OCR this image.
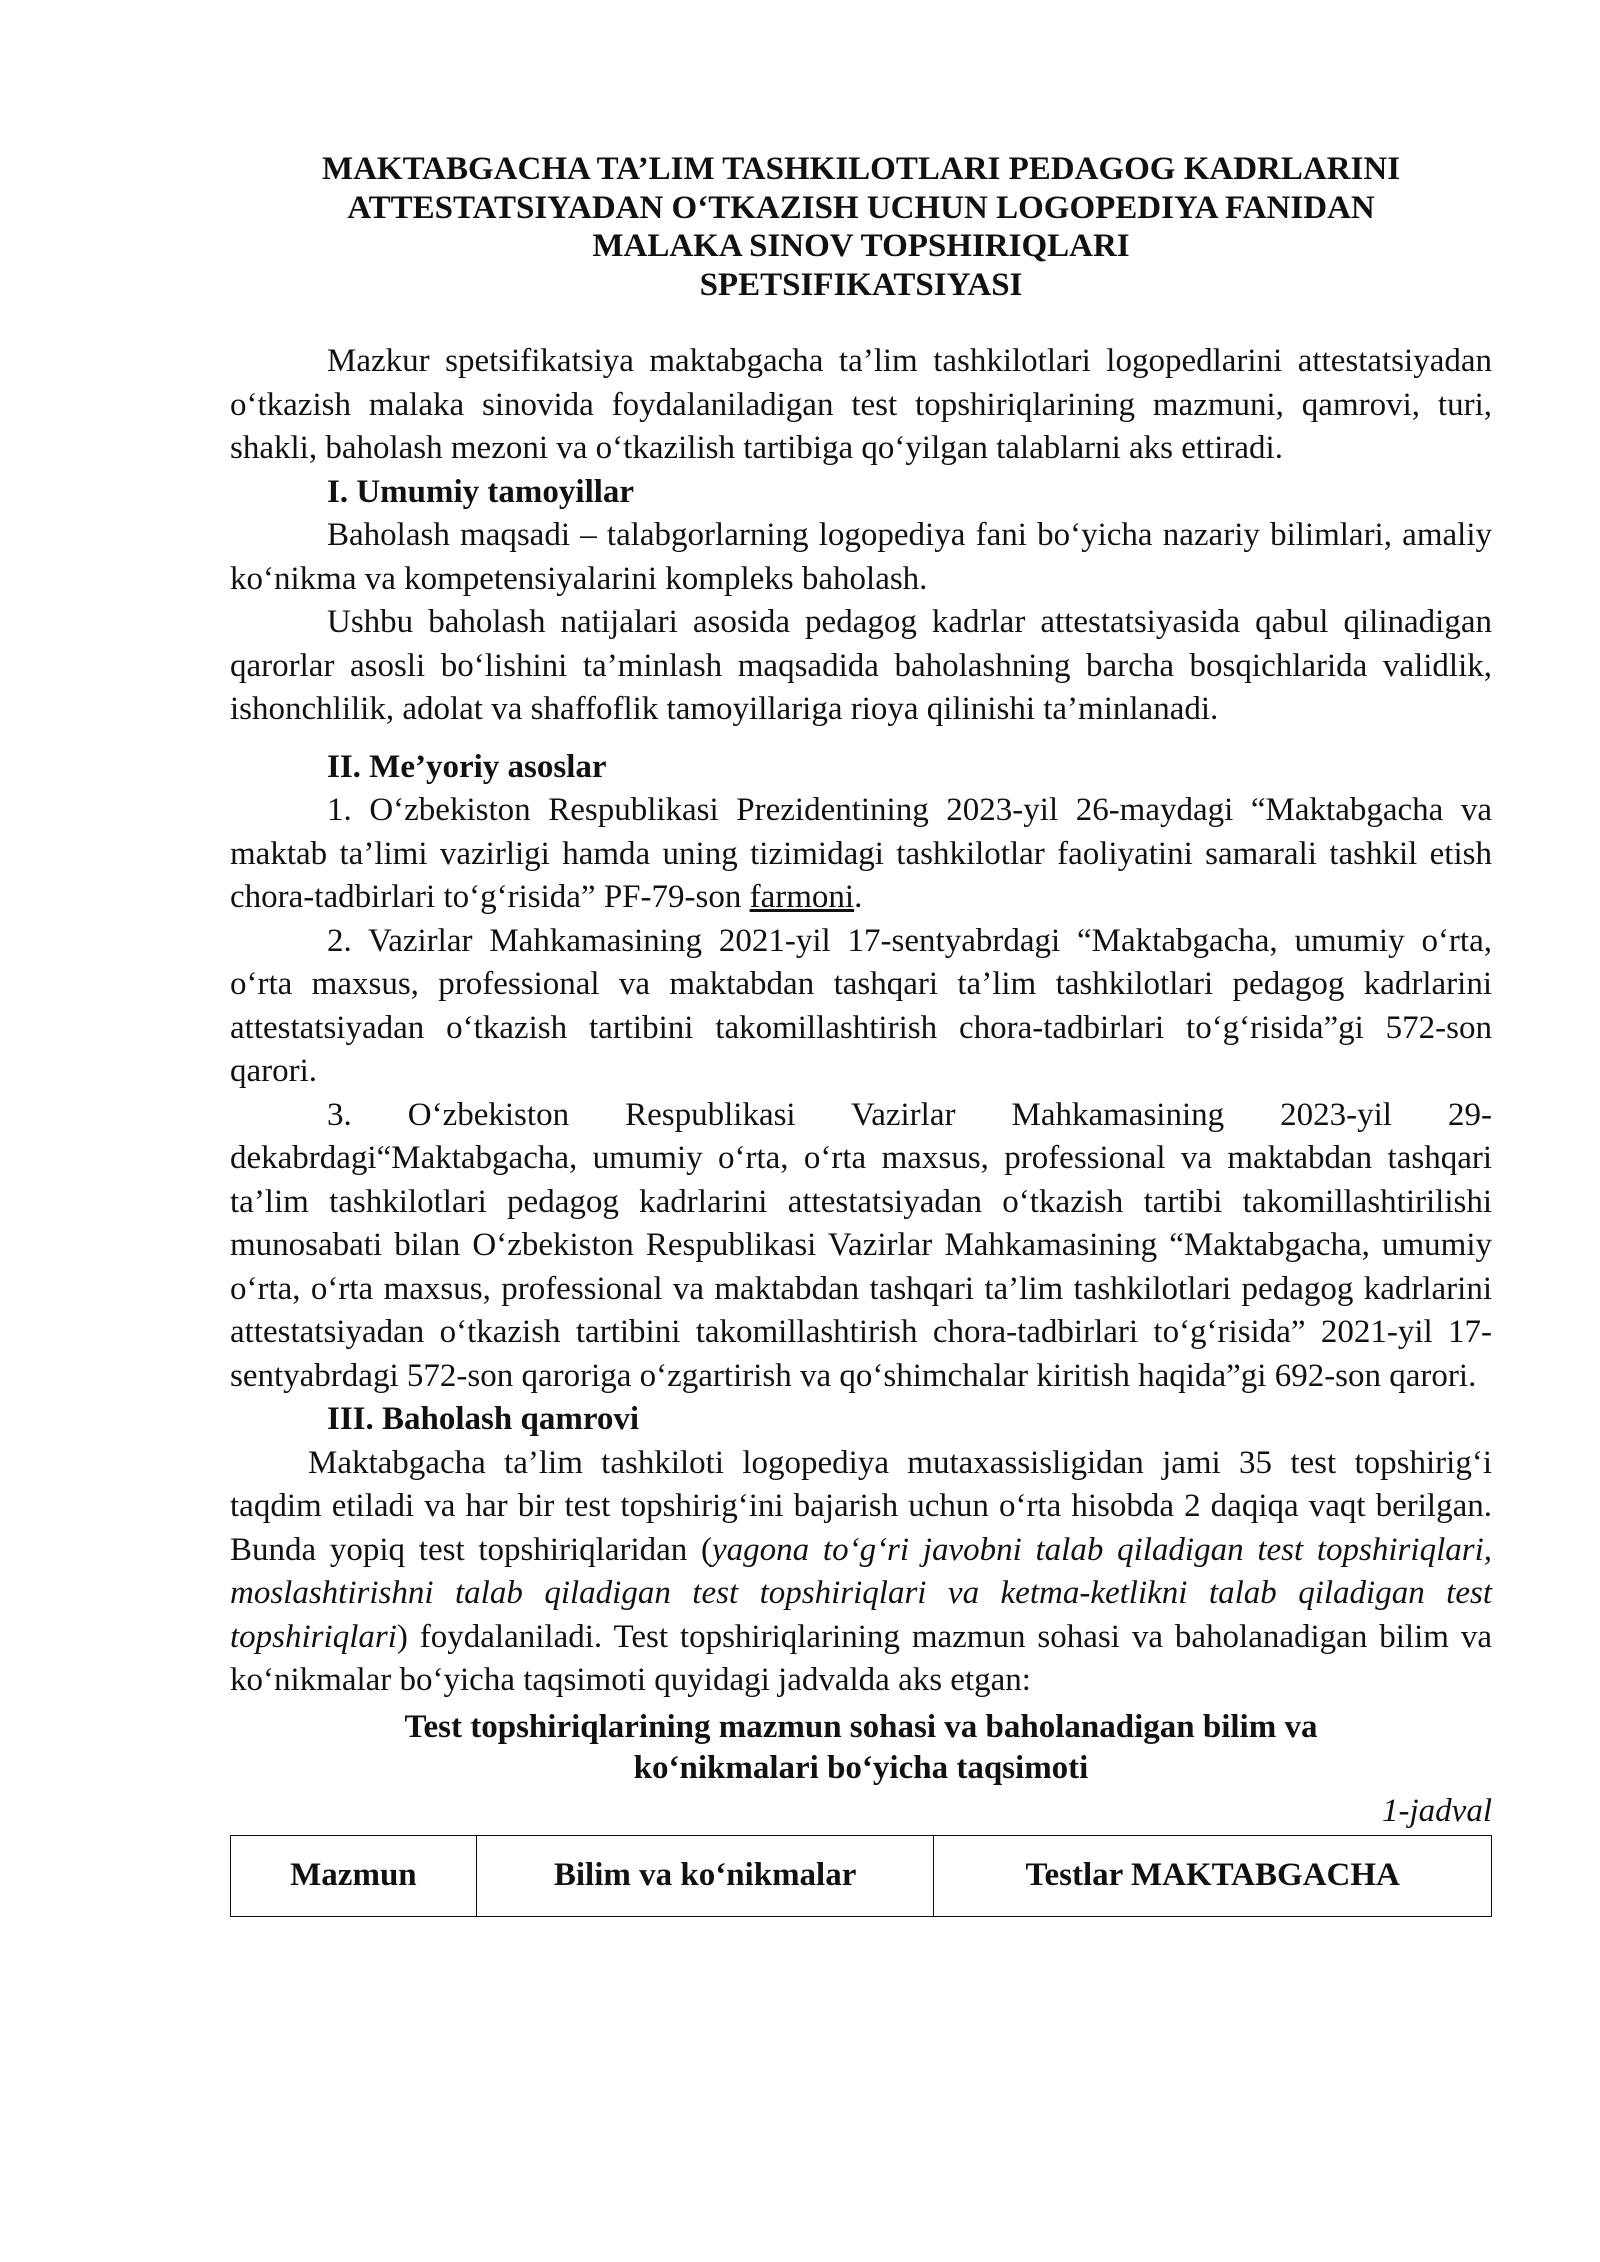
MAKTABGACHA TA’LIM TASHKILOTLARI PEDAGOG KADRLARINI
ATTESTATSIYADAN O‘TKAZISH UCHUN LOGOPEDIYA FANIDAN
MALAKA SINOV TOPSHIRIQLARI
SPETSIFIKATSIYASI

Mazkur spetsifikatsiya maktabgacha ta’lim tashkilotlari logopedlarini attestatsiyadan o‘tkazish malaka sinovida foydalaniladigan test topshiriqlarining mazmuni, qamrovi, turi, shakli, baholash mezoni va o‘tkazilish tartibiga qo‘yilgan talablarni aks ettiradi.

I. Umumiy tamoyillar

Baholash maqsadi – talabgorlarning logopediya fani bo‘yicha nazariy bilimlari, amaliy ko‘nikma va kompetensiyalarini kompleks baholash.

Ushbu baholash natijalari asosida pedagog kadrlar attestatsiyasida qabul qilinadigan qarorlar asosli bo‘lishini ta’minlash maqsadida baholashning barcha bosqichlarida validlik, ishonchlilik, adolat va shaffoflik tamoyillariga rioya qilinishi ta’minlanadi.

II. Me’yoriy asoslar

1. O‘zbekiston Respublikasi Prezidentining 2023-yil 26-maydagi “Maktabgacha va maktab ta’limi vazirligi hamda uning tizimidagi tashkilotlar faoliyatini samarali tashkil etish chora-tadbirlari to‘g‘risida” PF-79-son farmoni.

2. Vazirlar Mahkamasining 2021-yil 17-sentyabrdagi “Maktabgacha, umumiy o‘rta, o‘rta maxsus, professional va maktabdan tashqari ta’lim tashkilotlari pedagog kadrlarini attestatsiyadan o‘tkazish tartibini takomillashtirish chora-tadbirlari to‘g‘risida”gi 572-son qarori.

3. O‘zbekiston Respublikasi Vazirlar Mahkamasining 2023-yil 29-dekabrdagi“Maktabgacha, umumiy o‘rta, o‘rta maxsus, professional va maktabdan tashqari ta’lim tashkilotlari pedagog kadrlarini attestatsiyadan o‘tkazish tartibi takomillashtirilishi munosabati bilan O‘zbekiston Respublikasi Vazirlar Mahkamasining “Maktabgacha, umumiy o‘rta, o‘rta maxsus, professional va maktabdan tashqari ta’lim tashkilotlari pedagog kadrlarini attestatsiyadan o‘tkazish tartibini takomillashtirish chora-tadbirlari to‘g‘risida” 2021-yil 17-sentyabrdagi 572-son qaroriga o‘zgartirish va qo‘shimchalar kiritish haqida”gi 692-son qarori.

III. Baholash qamrovi

Maktabgacha ta’lim tashkiloti logopediya mutaxassisligidan jami 35 test topshirig‘i taqdim etiladi va har bir test topshirig‘ini bajarish uchun o‘rta hisobda 2 daqiqa vaqt berilgan. Bunda yopiq test topshiriqlaridan (yagona to‘g‘ri javobni talab qiladigan test topshiriqlari, moslashtirishni talab qiladigan test topshiriqlari va ketma-ketlikni talab qiladigan test topshiriqlari) foydalaniladi. Test topshiriqlarining mazmun sohasi va baholanadigan bilim va ko‘nikmalar bo‘yicha taqsimoti quyidagi jadvalda aks etgan:

Test topshiriqlarining mazmun sohasi va baholanadigan bilim va
ko‘nikmalari bo‘yicha taqsimoti
1-jadval
Mazmun	Bilim va ko‘nikmalar	Testlar MAKTABGACHA
